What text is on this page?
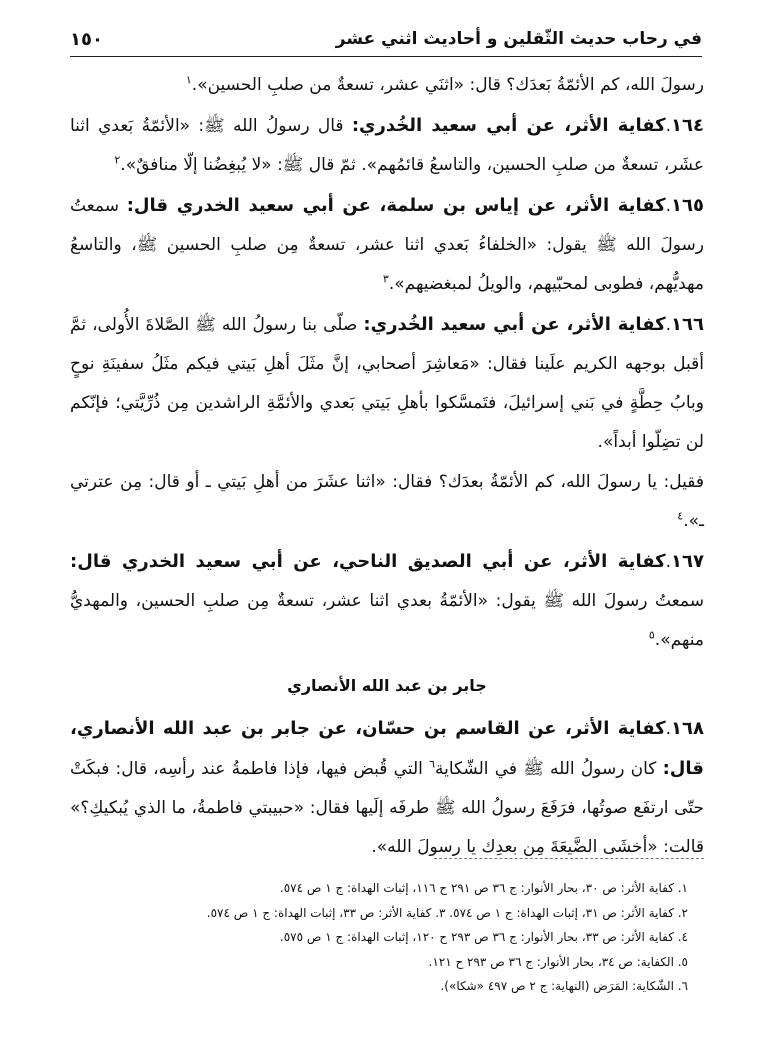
في رحاب حديث الثّقلين و أحاديث اثني عشر
١٥٠

رسولَ الله، كم الأئمّةُ بَعدَك؟ قال: «اثنَي عشر، تسعةٌ من صلبِ الحسين».$^١$

١٦٤.كفاية الأثر، عن أبي سعيد الخُدري: قال رسولُ الله ﷺ: «الأئمّةُ بَعدي اثنا عشَر، تسعةٌ من صلبِ الحسين، والتاسعُ قائمُهم». ثمّ قال ﷺ: «لا يُبغِضُنا إلّا منافقٌ».$^٢$

١٦٥.كفاية الأثر، عن إياس بن سلمة، عن أبي سعيد الخدري قال: سمعتُ رسولَ الله ﷺ يقول: «الخلفاءُ بَعدي اثنا عشر، تسعةٌ مِن صلبِ الحسين ﷺ، والتاسعُ مهديُّهم، فطوبى لمحبّيهم، والويلُ لمبغضيهم».$^٣$

١٦٦.كفاية الأثر، عن أبي سعيد الخُدري: صلّى بنا رسولُ الله ﷺ الصَّلاةَ الأُولى، ثمَّ أقبل بوجهه الكريم علَينا فقال: «مَعاشِرَ أصحابي، إنَّ مثَلَ أهلِ بَيتي فيكم مثَلُ سفينَةِ نوحٍ وبابُ حِطَّةٍ في بَني إسرائيلَ، فتَمسَّكوا بأهلِ بَيتي بَعدي والأئمَّةِ الراشدين مِن ذُرِّيَّتي؛ فإنّكم لن تضِلّوا أبداً».

فقيل: يا رسولَ الله، كم الأئمّةُ بعدَك؟ فقال: «اثنا عشَرَ من أهلِ بَيتي ـ أو قال: مِن عترتي ـ».$^٤$

١٦٧.كفاية الأثر، عن أبي الصديق الناحي، عن أبي سعيد الخدري قال: سمعتُ رسولَ الله ﷺ يقول: «الأئمّةُ بعدي اثنا عشر، تسعةٌ مِن صلبِ الحسين، والمهديُّ منهم».$^٥$

جابر بن عبد الله الأنصاري

١٦٨.كفاية الأثر، عن القاسم بن حسّان، عن جابر بن عبد الله الأنصاري، قال: كان رسولُ الله ﷺ في الشّكاية$^٦$ التي قُبض فيها، فإذا فاطمةُ عند رأسِه، قال: فبكَتْ حتّى ارتفَع صوتُها، فرَفَعَ رسولُ الله ﷺ طرفَه إلَيها فقال: «حبيبتي فاطمةُ، ما الذي يُبكيكِ؟» قالت: «أخشَى الضَّيعَةَ مِن بعدِك يا رسولَ الله».

١. كفاية الأثر: ص ٣٠، بحار الأنوار: ج ٣٦ ص ٢٩١ ح ١١٦، إثبات الهداة: ج ١ ص ٥٧٤.
٢. كفاية الأثر: ص ٣١، إثبات الهداة: ج ١ ص ٥٧٤. ٣. كفاية الأثر: ص ٣٣، إثبات الهداة: ج ١ ص ٥٧٤.
٤. كفاية الأثر: ص ٣٣، بحار الأنوار: ج ٣٦ ص ٢٩٣ ح ١٢٠، إثبات الهداة: ج ١ ص ٥٧٥.
٥. الكفاية: ص ٣٤، بحار الأنوار: ج ٣٦ ص ٢٩٣ ح ١٢١.
٦. الشّكاية: المَرَض (النهاية: ج ٢ ص ٤٩٧ «شكا»).
